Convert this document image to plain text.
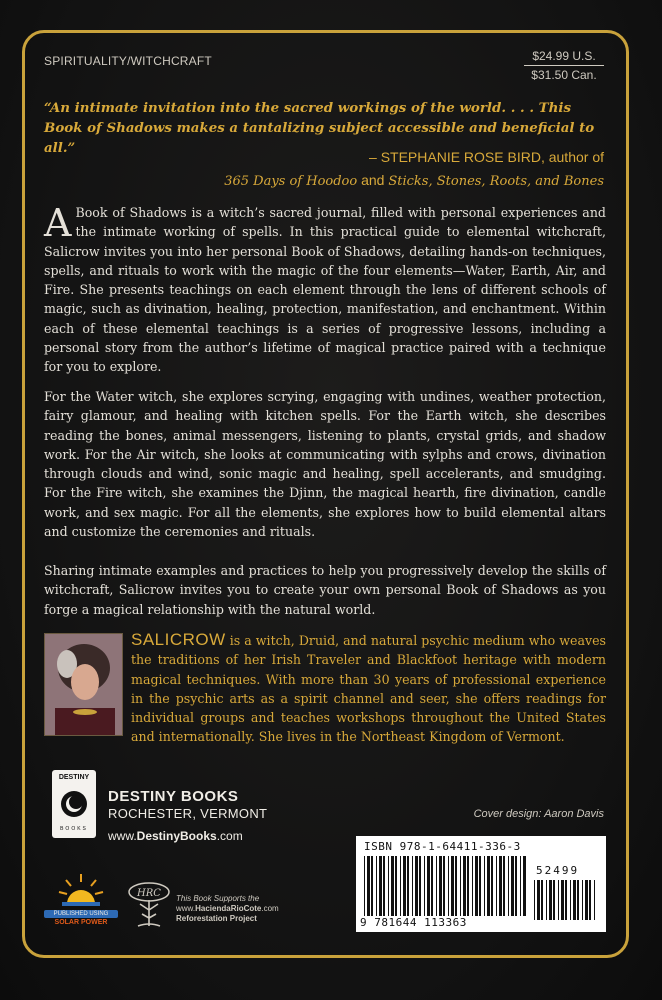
SPIRITUALITY/WITCHCRAFT	$24.99 U.S.
$31.50 Can.
“An intimate invitation into the sacred workings of the world. . . . This Book of Shadows makes a tantalizing subject accessible and beneficial to all.”
– STEPHANIE ROSE BIRD, author of
365 Days of Hoodoo and Sticks, Stones, Roots, and Bones
A Book of Shadows is a witch’s sacred journal, filled with personal experiences and the intimate working of spells. In this practical guide to elemental witchcraft, Salicrow invites you into her personal Book of Shadows, detailing hands-on techniques, spells, and rituals to work with the magic of the four elements—Water, Earth, Air, and Fire. She presents teachings on each element through the lens of different schools of magic, such as divination, healing, protection, manifestation, and enchantment. Within each of these elemental teachings is a series of progressive lessons, including a personal story from the author’s lifetime of magical practice paired with a technique for you to explore.
For the Water witch, she explores scrying, engaging with undines, weather protection, fairy glamour, and healing with kitchen spells. For the Earth witch, she describes reading the bones, animal messengers, listening to plants, crystal grids, and shadow work. For the Air witch, she looks at communicating with sylphs and crows, divination through clouds and wind, sonic magic and healing, spell accelerants, and smudging. For the Fire witch, she examines the Djinn, the magical hearth, fire divination, candle work, and sex magic. For all the elements, she explores how to build elemental altars and customize the ceremonies and rituals.
Sharing intimate examples and practices to help you progressively develop the skills of witchcraft, Salicrow invites you to create your own personal Book of Shadows as you forge a magical relationship with the natural world.
SALICROW is a witch, Druid, and natural psychic medium who weaves the traditions of her Irish Traveler and Blackfoot heritage with modern magical techniques. With more than 30 years of professional experience in the psychic arts as a spirit channel and seer, she offers readings for individual groups and teaches workshops throughout the United States and internationally. She lives in the Northeast Kingdom of Vermont.
DESTINY
BOOKS
DESTINY BOOKS
ROCHESTER, VERMONT
www.DestinyBooks.com
Cover design: Aaron Davis
ISBN 978-1-64411-336-3
52499
9 781644 113363
PUBLISHED USING
SOLAR POWER
HRC This Book Supports the
www.HaciendaRioCote.com
Reforestation Project
